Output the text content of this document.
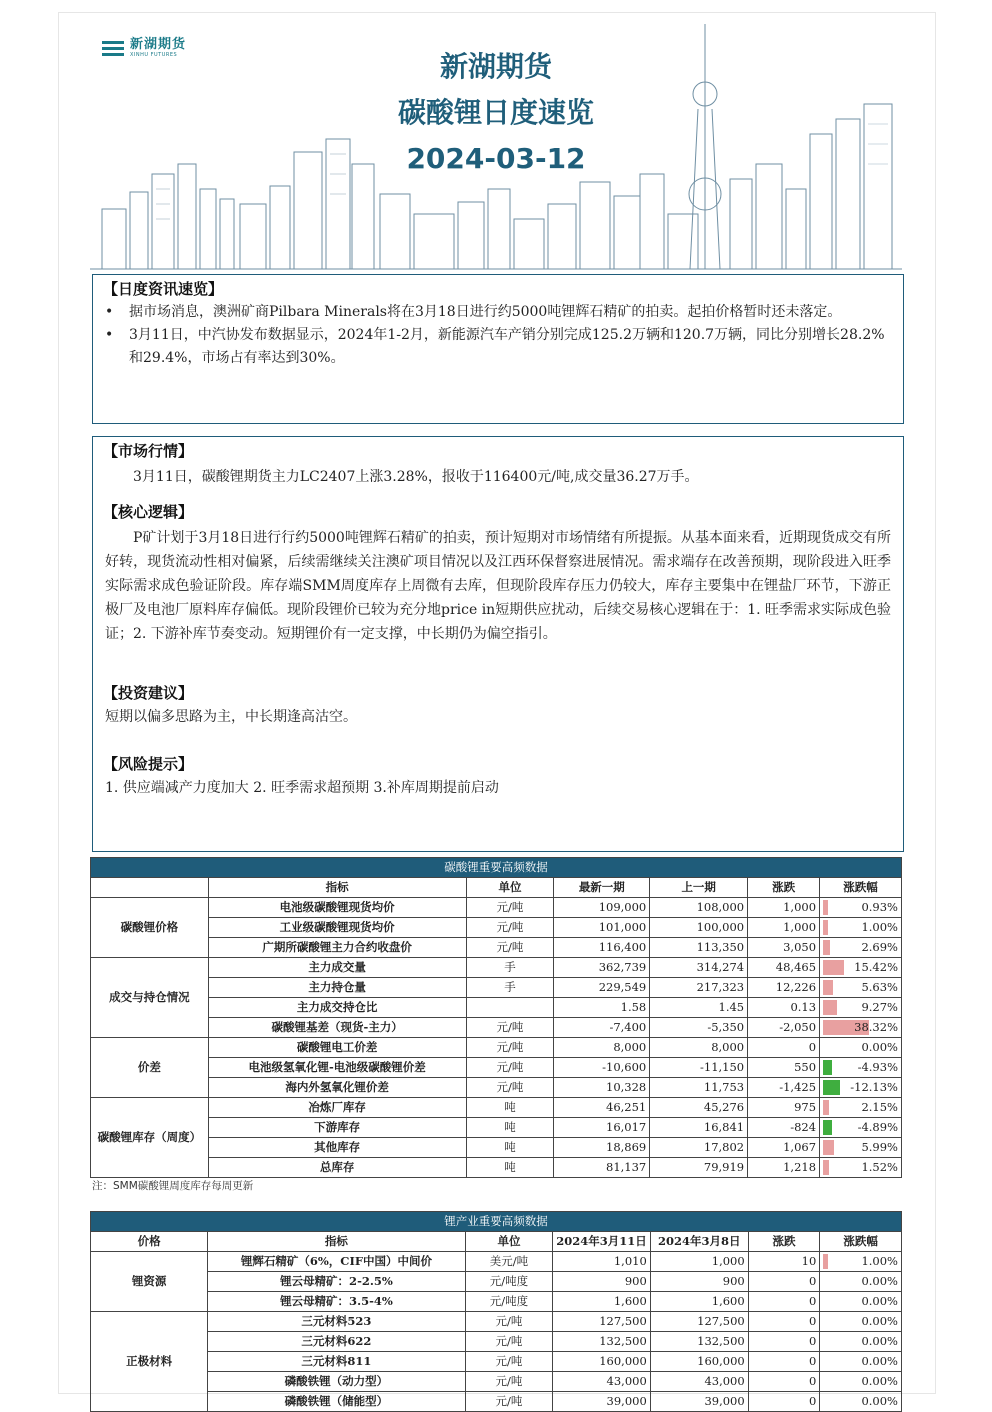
新湖期货
XINHU FUTURES	新湖期货
碳酸锂日度速览
2024-03-12
【日度资讯速览】
• 据市场消息，澳洲矿商Pilbara Minerals将在3月18日进行约5000吨锂辉石精矿的拍卖。起拍价格暂时还未落定。
• 3月11日，中汽协发布数据显示，2024年1-2月，新能源汽车产销分别完成125.2万辆和120.7万辆，同比分别增长28.2%和29.4%，市场占有率达到30%。
【市场行情】

3月11日，碳酸锂期货主力LC2407上涨3.28%，报收于116400元/吨,成交量36.27万手。

【核心逻辑】

P矿计划于3月18日进行行约5000吨锂辉石精矿的拍卖，预计短期对市场情绪有所提振。从基本面来看，近期现货成交有所好转，现货流动性相对偏紧，后续需继续关注澳矿项目情况以及江西环保督察进展情况。需求端存在改善预期，现阶段进入旺季实际需求成色验证阶段。库存端SMM周度库存上周微有去库，但现阶段库存压力仍较大，库存主要集中在锂盐厂环节，下游正极厂及电池厂原料库存偏低。现阶段锂价已较为充分地price in短期供应扰动，后续交易核心逻辑在于：1. 旺季需求实际成色验证；2. 下游补库节奏变动。短期锂价有一定支撑，中长期仍为偏空指引。

【投资建议】

短期以偏多思路为主，中长期逢高沽空。

【风险提示】

1. 供应端减产力度加大 2. 旺季需求超预期 3.补库周期提前启动

碳酸锂重要高频数据						
	指标	单位	最新一期	上一期	涨跌	涨跌幅
碳酸锂价格	电池级碳酸锂现货均价	元/吨	109,000	108,000	1,000	0.93%
	工业级碳酸锂现货均价	元/吨	101,000	100,000	1,000	1.00%
	广期所碳酸锂主力合约收盘价	元/吨	116,400	113,350	3,050	2.69%
成交与持仓情况	主力成交量	手	362,739	314,274	48,465	15.42%
	主力持仓量	手	229,549	217,323	12,226	5.63%
	主力成交持仓比		1.58	1.45	0.13	9.27%
	碳酸锂基差（现货-主力）	元/吨	-7,400	-5,350	-2,050	38.32%
价差	碳酸锂电工价差	元/吨	8,000	8,000	0	0.00%
	电池级氢氧化锂-电池级碳酸锂价差	元/吨	-10,600	-11,150	550	-4.93%
	海内外氢氧化锂价差	元/吨	10,328	11,753	-1,425	-12.13%
碳酸锂库存（周度）	冶炼厂库存	吨	46,251	45,276	975	2.15%
	下游库存	吨	16,017	16,841	-824	-4.89%
	其他库存	吨	18,869	17,802	1,067	5.99%
	总库存	吨	81,137	79,919	1,218	1.52%
注：SMM碳酸锂周度库存每周更新
锂产业重要高频数据						
价格	指标	单位	2024年3月11日	2024年3月8日	涨跌	涨跌幅
锂资源	锂辉石精矿（6%，CIF中国）中间价	美元/吨	1,010	1,000	10	1.00%
	锂云母精矿：2-2.5%	元/吨度	900	900	0	0.00%
	锂云母精矿：3.5-4%	元/吨度	1,600	1,600	0	0.00%
正极材料	三元材料523	元/吨	127,500	127,500	0	0.00%
	三元材料622	元/吨	132,500	132,500	0	0.00%
	三元材料811	元/吨	160,000	160,000	0	0.00%
	磷酸铁锂（动力型）	元/吨	43,000	43,000	0	0.00%
	磷酸铁锂（储能型）	元/吨	39,000	39,000	0	0.00%
